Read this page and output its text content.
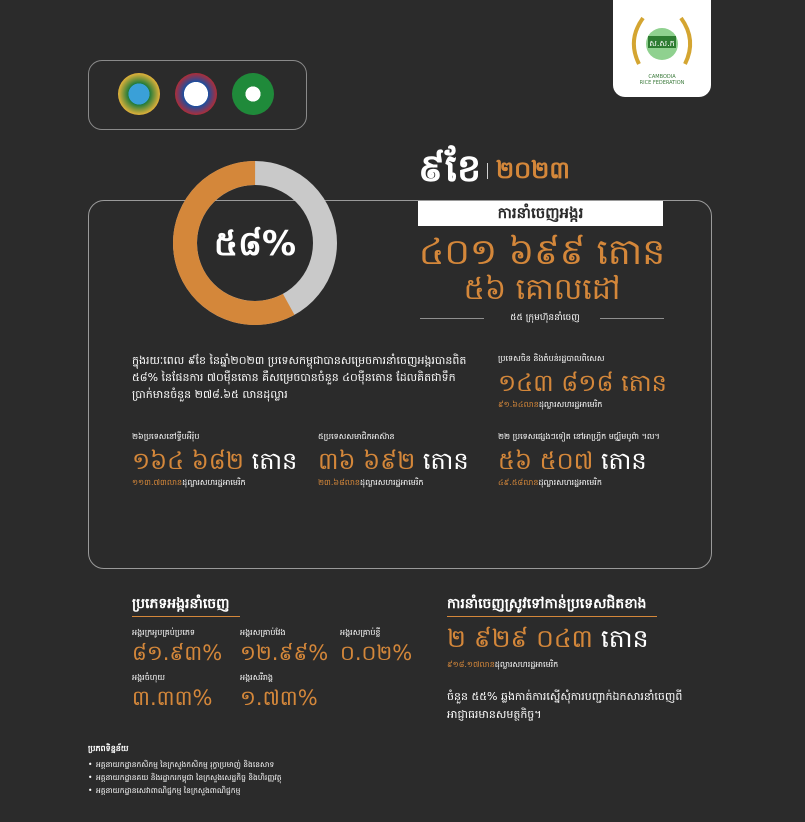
ស.ស.ក
CAMBODIA
RICE FEDERATION
៩ខែ ២០២៣
៥៨%
ការនាំចេញអង្ករ
៤០១ ៦៩៩ តោន
៥៦ គោលដៅ
៥៥ ក្រុមហ៊ុននាំចេញ
ក្នុងរយៈពេល ៩ខែ នៃឆ្នាំ២០២៣ ប្រទេសកម្ពុជាបានសម្រេចការនាំចេញអង្ករបានពិត ៥៨% នៃផែនការ ៧០ម៉ឺនតោន គឺសម្រេចបានចំនួន ៤០ម៉ឺនតោន ដែលគិតជាទឹកប្រាក់មានចំនួន ២៧៨.៦៥ លានដុល្លារ
ប្រទេសចិន និងតំបន់រដ្ឋបាលពិសេស
១៤៣ ៨១៨ តោន
៩១.៦៤លានដុល្លារសហរដ្ឋអាមេរិក
២៦ប្រទេសនៅទ្វីបអឺរ៉ុប
១៦៤ ៦៨២ តោន
១១៣.៧៣លានដុល្លារសហរដ្ឋអាមេរិក
៥ប្រទេសសមាជិកអាស៊ាន
៣៦ ៦៩២ តោន
២៣.៦៨លានដុល្លារសហរដ្ឋអាមេរិក
២២ ប្រទេសផ្សេងៗទៀត នៅអាហ្វ្រិក មជ្ឈិមបូព៌ា ។ល។
៥៦ ៥០៧ តោន
៤៩.៥៨លានដុល្លារសហរដ្ឋអាមេរិក
ប្រភេទអង្ករនាំចេញ
អង្ករក្រអូបគ្រប់ប្រភេទ
៨១.៩៣%
អង្ករសគ្រាប់វែង
១២.៩៩%
អង្ករសគ្រាប់ខ្លី
០.០២%
អង្ករចំហុយ
៣.៣៣%
អង្ករសរីរាង្គ
១.៧៣%
ការនាំចេញស្រូវទៅកាន់ប្រទេសជិតខាង
២ ៩២៩ ០៤៣ តោន
៩១៨.១៧លានដុល្លារសហរដ្ឋអាមេរិក
ចំនួន ៥៥% ឆ្លងកាត់ការស្នើសុំការបញ្ជាក់ឯកសារនាំចេញពីអាជ្ញាធរមានសមត្ថកិច្ច។
ប្រភពទិន្នន័យ
• អគ្គនាយកដ្ឋានកសិកម្ម នៃក្រសួងកសិកម្ម រុក្ខាប្រមាញ់ និងនេសាទ
• អគ្គនាយកដ្ឋានគយ និងរដ្ឋាករកម្ពុជា នៃក្រសួងសេដ្ឋកិច្ច និងហិរញ្ញវត្ថុ
• អគ្គនាយកដ្ឋានសេវាពាណិជ្ជកម្ម នៃក្រសួងពាណិជ្ជកម្ម
